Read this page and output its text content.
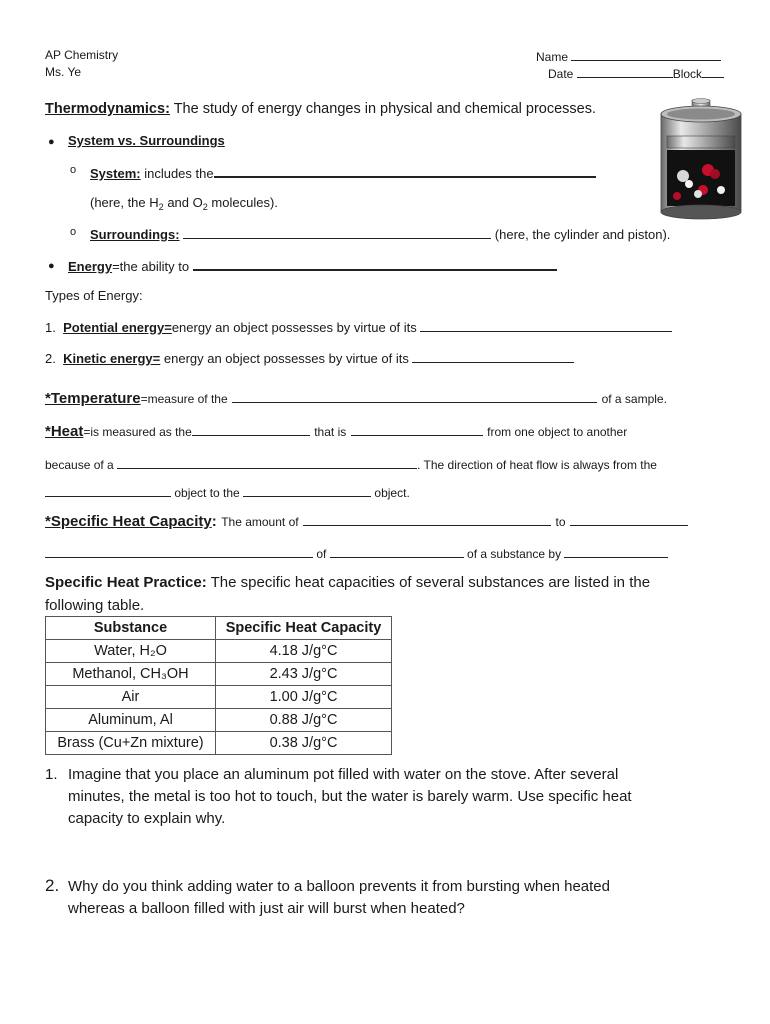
AP Chemistry
Ms. Ye
Name
Date	Block
Thermodynamics: The study of energy changes in physical and chemical processes.
● System vs. Surroundings
o System: includes the
(here, the $H_2$ and $O_2$ molecules).
o Surroundings:	(here, the cylinder and piston).
● Energy=the ability to
Types of Energy:
1. Potential energy=energy an object possesses by virtue of its
2. Kinetic energy= energy an object possesses by virtue of its
*Temperature=measure of the	of a sample.
*Heat=is measured as the	that is	from one object to another
because of a	. The direction of heat flow is always from the
object to the	object.
*Specific Heat Capacity: The amount of	to
of	of a substance by
Specific Heat Practice: The specific heat capacities of several substances are listed in the
following table.
Substance	Specific Heat Capacity
Water, H₂O	4.18 J/g°C
Methanol, CH₃OH	2.43 J/g°C
Air	1.00 J/g°C
Aluminum, Al	0.88 J/g°C
Brass (Cu+Zn mixture)	0.38 J/g°C
1. Imagine that you place an aluminum pot filled with water on the stove. After several
minutes, the metal is too hot to touch, but the water is barely warm. Use specific heat
capacity to explain why.
2. Why do you think adding water to a balloon prevents it from bursting when heated
whereas a balloon filled with just air will burst when heated?
